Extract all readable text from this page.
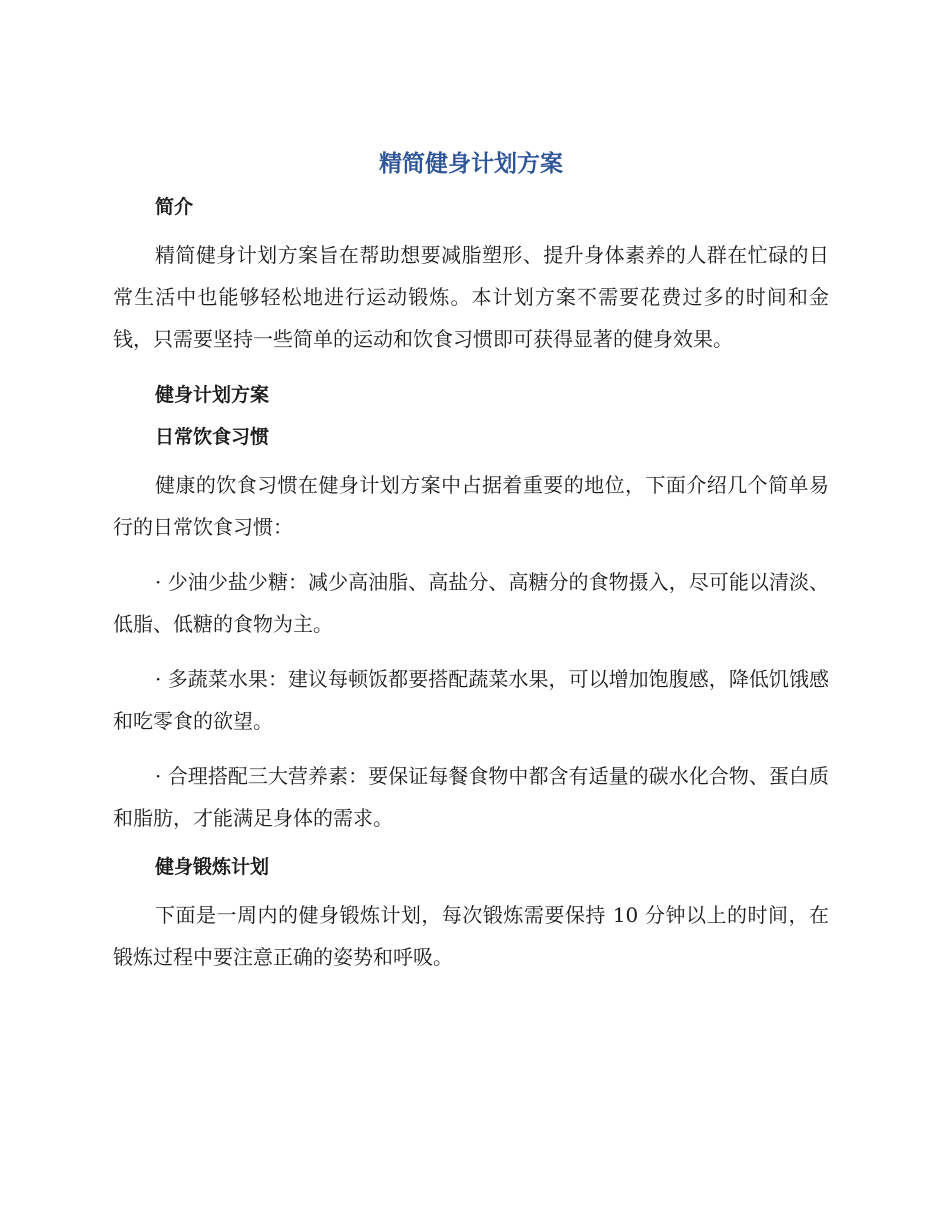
精简健身计划方案
简介

精简健身计划方案旨在帮助想要减脂塑形、提升身体素养的人群在忙碌的日常生活中也能够轻松地进行运动锻炼。本计划方案不需要花费过多的时间和金钱，只需要坚持一些简单的运动和饮食习惯即可获得显著的健身效果。

健身计划方案
日常饮食习惯

健康的饮食习惯在健身计划方案中占据着重要的地位，下面介绍几个简单易行的日常饮食习惯：

· 少油少盐少糖：减少高油脂、高盐分、高糖分的食物摄入，尽可能以清淡、低脂、低糖的食物为主。

· 多蔬菜水果：建议每顿饭都要搭配蔬菜水果，可以增加饱腹感，降低饥饿感和吃零食的欲望。

· 合理搭配三大营养素：要保证每餐食物中都含有适量的碳水化合物、蛋白质和脂肪，才能满足身体的需求。

健身锻炼计划

下面是一周内的健身锻炼计划，每次锻炼需要保持 10 分钟以上的时间，在锻炼过程中要注意正确的姿势和呼吸。
